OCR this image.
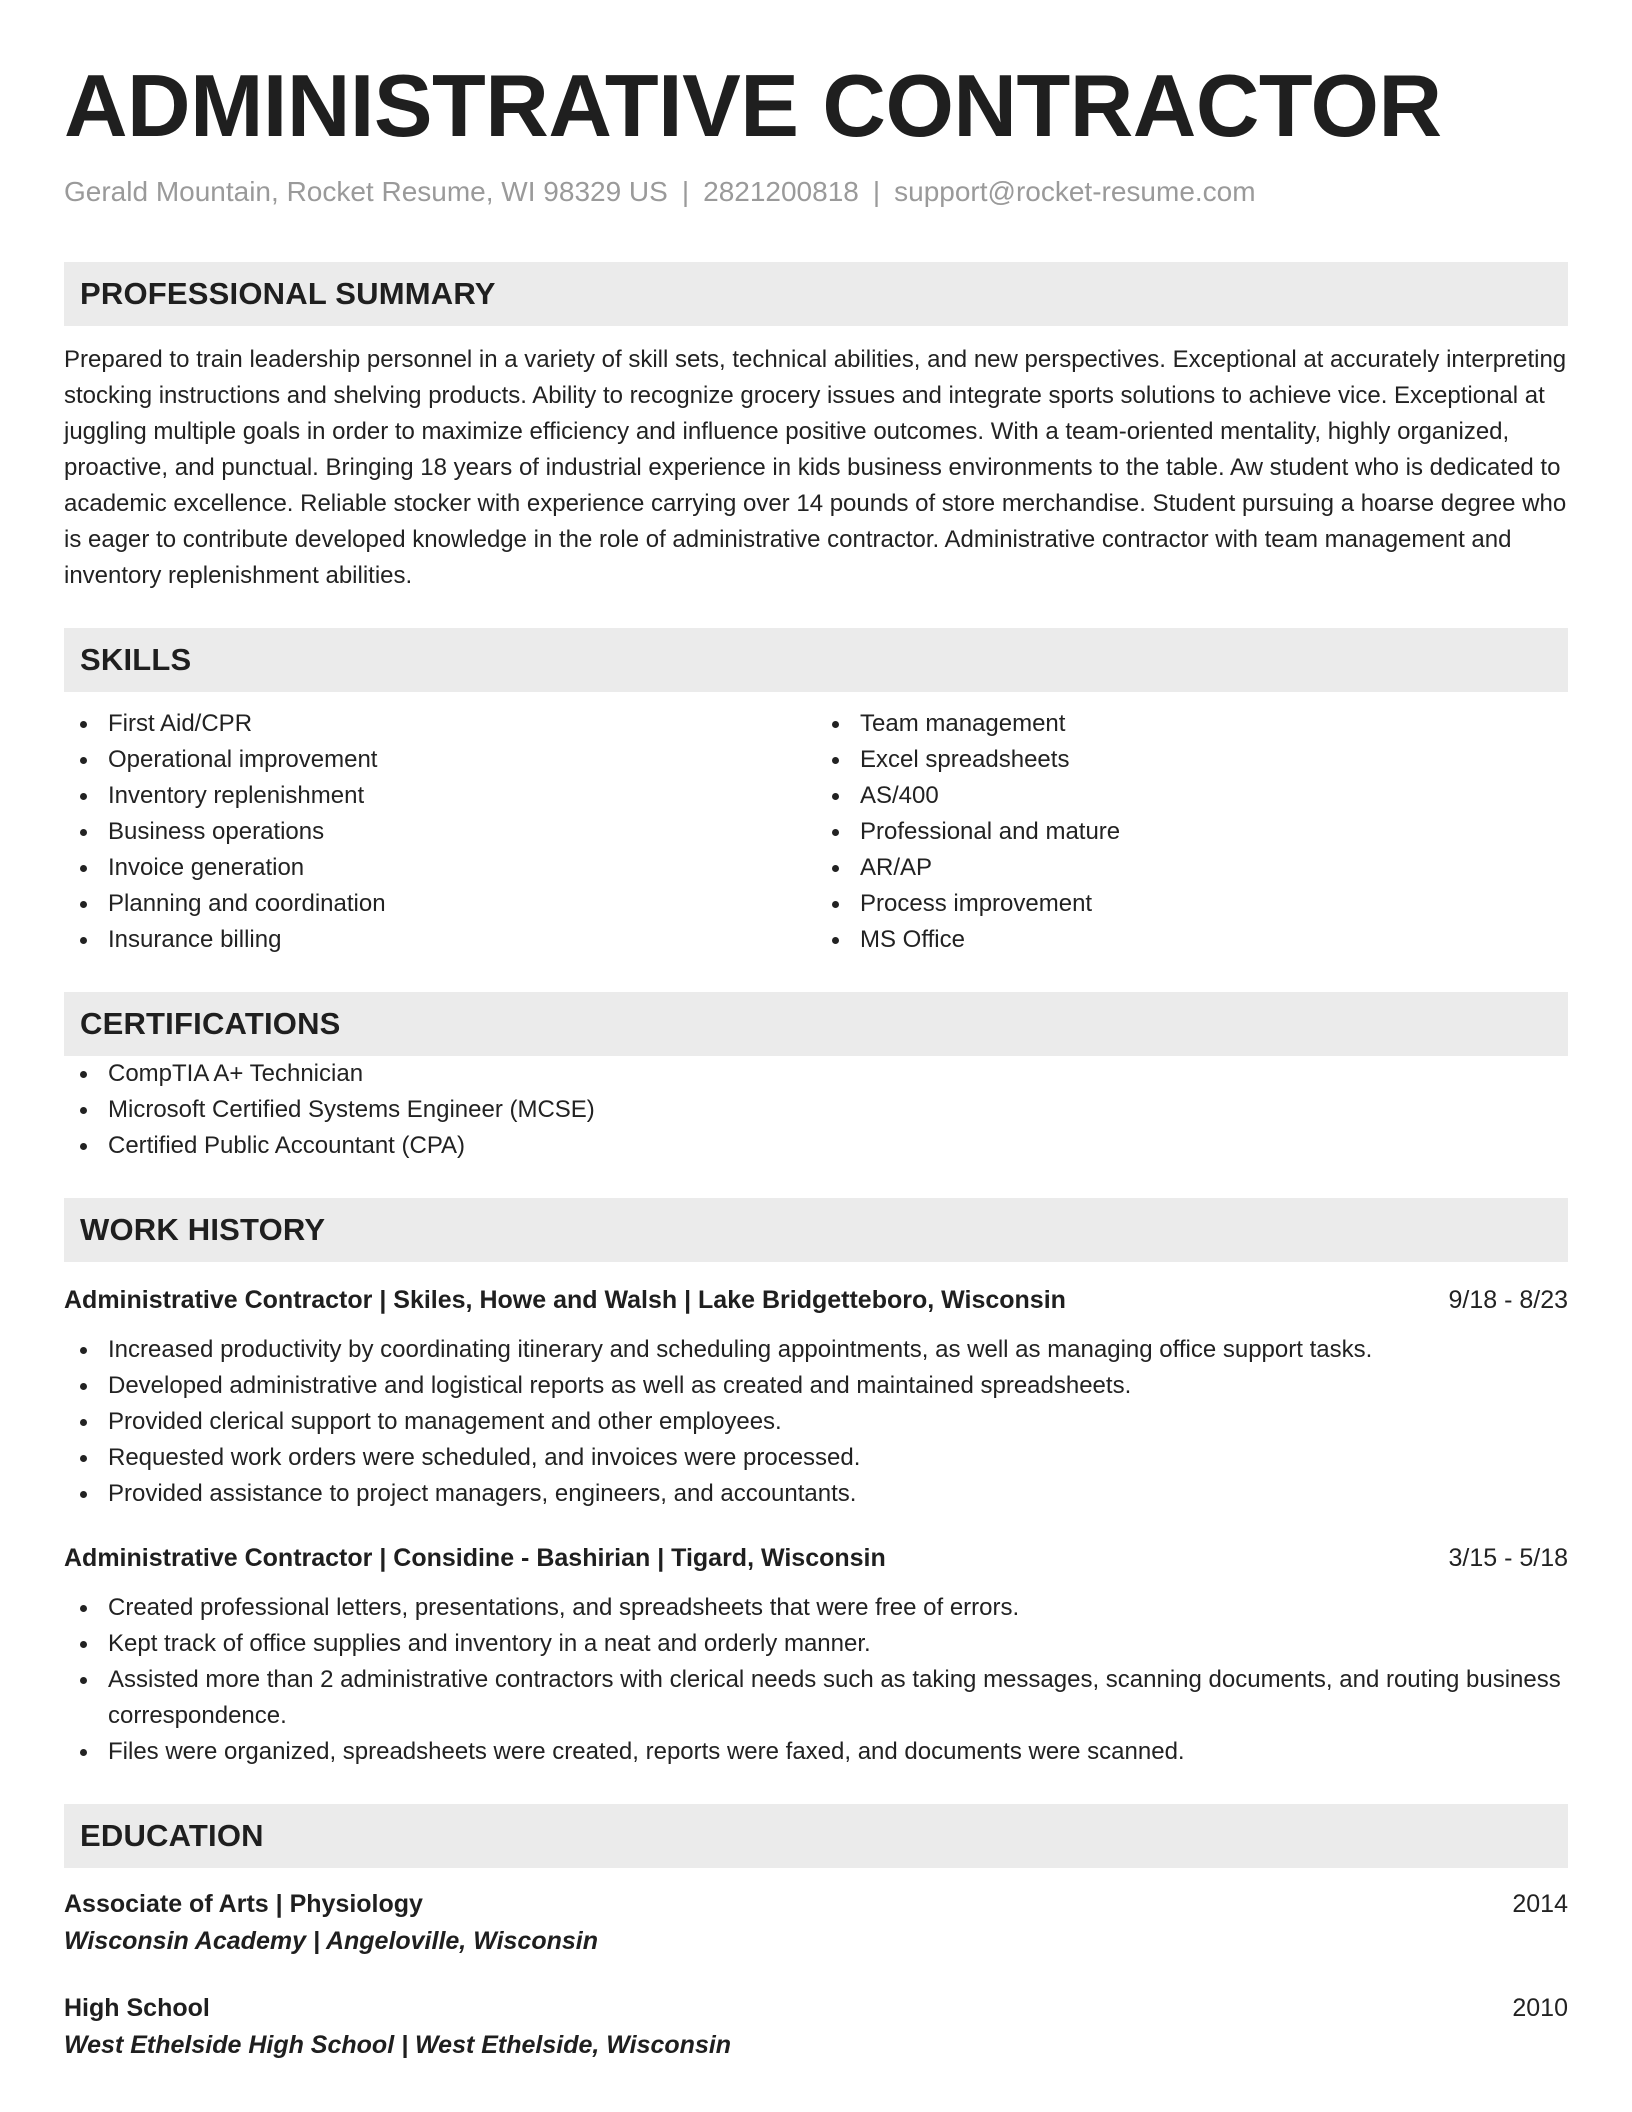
ADMINISTRATIVE CONTRACTOR
Gerald Mountain, Rocket Resume, WI 98329 US | 2821200818 | support@rocket-resume.com
PROFESSIONAL SUMMARY

Prepared to train leadership personnel in a variety of skill sets, technical abilities, and new perspectives. Exceptional at accurately interpreting stocking instructions and shelving products. Ability to recognize grocery issues and integrate sports solutions to achieve vice. Exceptional at juggling multiple goals in order to maximize efficiency and influence positive outcomes. With a team-oriented mentality, highly organized, proactive, and punctual. Bringing 18 years of industrial experience in kids business environments to the table. Aw student who is dedicated to academic excellence. Reliable stocker with experience carrying over 14 pounds of store merchandise. Student pursuing a hoarse degree who is eager to contribute developed knowledge in the role of administrative contractor. Administrative contractor with team management and inventory replenishment abilities.

SKILLS
First Aid/CPR
Operational improvement
Inventory replenishment
Business operations
Invoice generation
Planning and coordination
Insurance billing
Team management
Excel spreadsheets
AS/400
Professional and mature
AR/AP
Process improvement
MS Office
CERTIFICATIONS
CompTIA A+ Technician
Microsoft Certified Systems Engineer (MCSE)
Certified Public Accountant (CPA)
WORK HISTORY
Administrative Contractor | Skiles, Howe and Walsh | Lake Bridgetteboro, Wisconsin	9/18 - 8/23
Increased productivity by coordinating itinerary and scheduling appointments, as well as managing office support tasks.
Developed administrative and logistical reports as well as created and maintained spreadsheets.
Provided clerical support to management and other employees.
Requested work orders were scheduled, and invoices were processed.
Provided assistance to project managers, engineers, and accountants.
Administrative Contractor | Considine - Bashirian | Tigard, Wisconsin	3/15 - 5/18
Created professional letters, presentations, and spreadsheets that were free of errors.
Kept track of office supplies and inventory in a neat and orderly manner.
Assisted more than 2 administrative contractors with clerical needs such as taking messages, scanning documents, and routing business correspondence.
Files were organized, spreadsheets were created, reports were faxed, and documents were scanned.
EDUCATION
Associate of Arts | Physiology	2014
Wisconsin Academy | Angeloville, Wisconsin
High School	2010
West Ethelside High School | West Ethelside, Wisconsin
